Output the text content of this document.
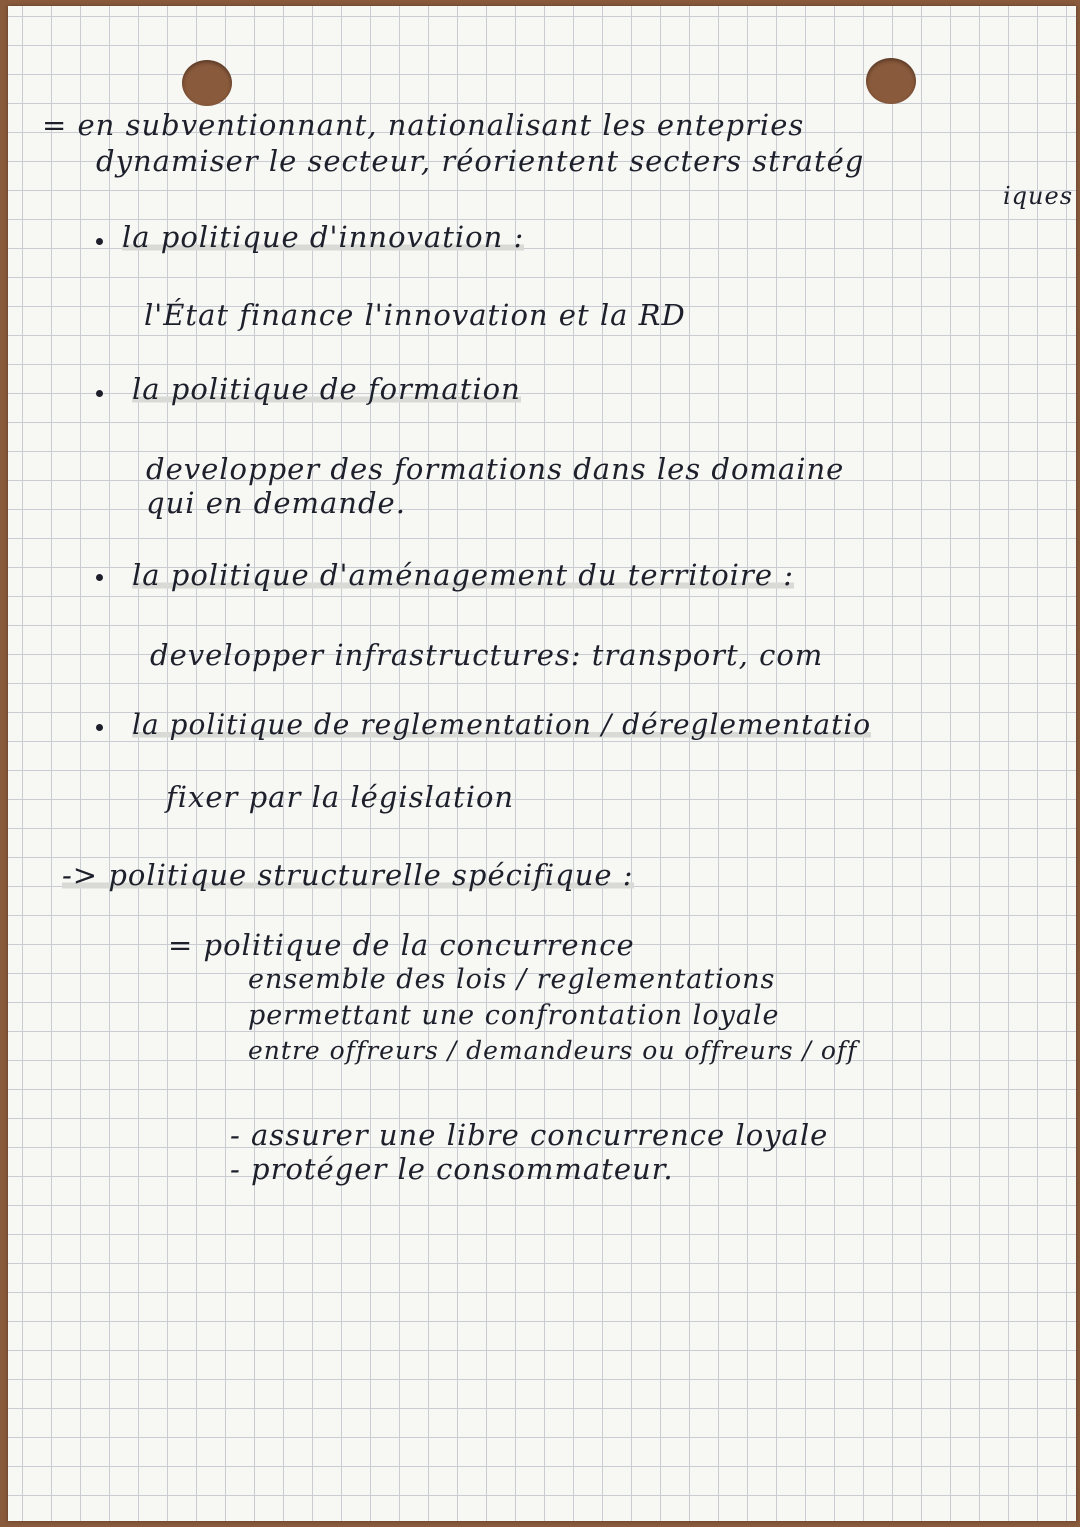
= en subventionnant, nationalisant les entepries
dynamiser le secteur, réorientent secters stratég
iques
la politique d'innovation :
l'État finance l'innovation et la RD
la politique de formation
developper des formations dans les domaine
qui en demande.
la politique d'aménagement du territoire :
developper infrastructures: transport, com
la politique de reglementation / déreglementatio
fixer par la législation
-> politique structurelle spécifique :
= politique de la concurrence
ensemble des lois / reglementations
permettant une confrontation loyale
entre offreurs / demandeurs ou offreurs / off
- assurer une libre concurrence loyale
- protéger le consommateur.
